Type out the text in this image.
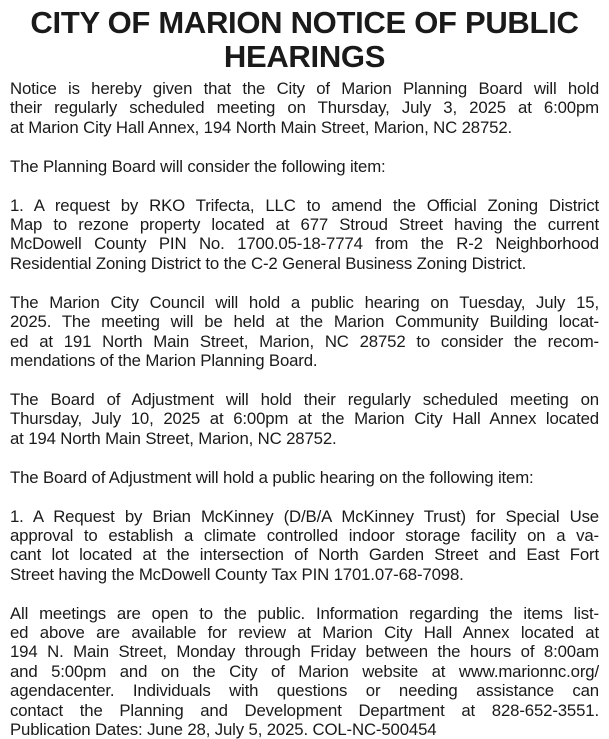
CITY OF MARION NOTICE OF PUBLIC
HEARINGS

Notice is hereby given that the City of Marion Planning Board will hold
their regularly scheduled meeting on Thursday, July 3, 2025 at 6:00pm
at Marion City Hall Annex, 194 North Main Street, Marion, NC 28752.

The Planning Board will consider the following item:

1. A request by RKO Trifecta, LLC to amend the Official Zoning District
Map to rezone property located at 677 Stroud Street having the current
McDowell County PIN No. 1700.05-18-7774 from the R-2 Neighborhood
Residential Zoning District to the C-2 General Business Zoning District.

The Marion City Council will hold a public hearing on Tuesday, July 15,
2025. The meeting will be held at the Marion Community Building locat-
ed at 191 North Main Street, Marion, NC 28752 to consider the recom-
mendations of the Marion Planning Board.

The Board of Adjustment will hold their regularly scheduled meeting on
Thursday, July 10, 2025 at 6:00pm at the Marion City Hall Annex located
at 194 North Main Street, Marion, NC 28752.

The Board of Adjustment will hold a public hearing on the following item:

1. A Request by Brian McKinney (D/B/A McKinney Trust) for Special Use
approval to establish a climate controlled indoor storage facility on a va-
cant lot located at the intersection of North Garden Street and East Fort
Street having the McDowell County Tax PIN 1701.07-68-7098.

All meetings are open to the public. Information regarding the items list-
ed above are available for review at Marion City Hall Annex located at
194 N. Main Street, Monday through Friday between the hours of 8:00am
and 5:00pm and on the City of Marion website at www.marionnc.org/
agendacenter. Individuals with questions or needing assistance can
contact the Planning and Development Department at 828-652-3551.
Publication Dates: June 28, July 5, 2025. COL-NC-500454
